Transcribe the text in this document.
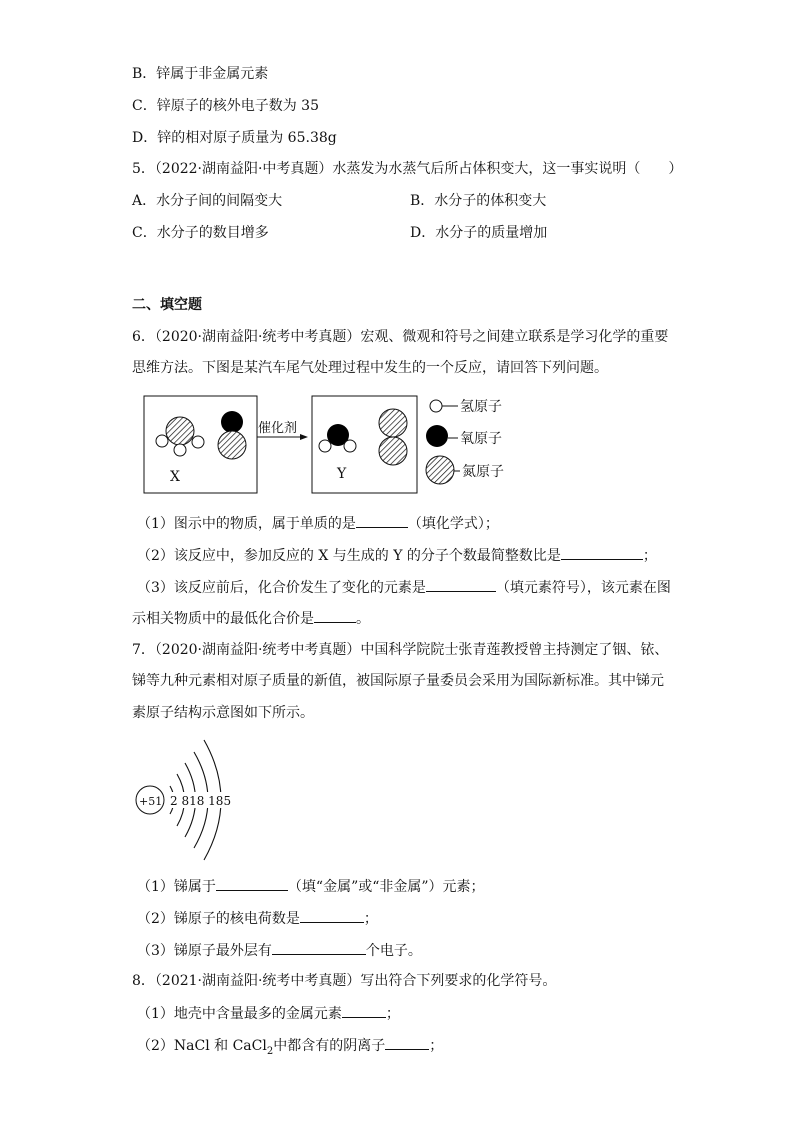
B．锌属于非金属元素
C．锌原子的核外电子数为 35
D．锌的相对原子质量为 65.38g
5．（2022·湖南益阳·中考真题）水蒸发为水蒸气后所占体积变大，这一事实说明（　　）
A．水分子间的间隔变大	B．水分子的体积变大
C．水分子的数目增多	D．水分子的质量增加
二、填空题
6．（2020·湖南益阳·统考中考真题）宏观、微观和符号之间建立联系是学习化学的重要
思维方法。下图是某汽车尾气处理过程中发生的一个反应，请回答下列问题。
X
催化剂
Y
氢原子
氧原子
氮原子
（1）图示中的物质，属于单质的是	（填化学式）；
（2）该反应中，参加反应的 X 与生成的 Y 的分子个数最简整数比是	；
（3）该反应前后，化合价发生了变化的元素是	（填元素符号），该元素在图
示相关物质中的最低化合价是	。
7．（2020·湖南益阳·统考中考真题）中国科学院院士张青莲教授曾主持测定了铟、铱、
锑等九种元素相对原子质量的新值，被国际原子量委员会采用为国际新标准。其中锑元
素原子结构示意图如下所示。
+51 2 818 185
（1）锑属于	（填“金属”或“非金属”）元素；
（2）锑原子的核电荷数是	；
（3）锑原子最外层有	个电子。
8．（2021·湖南益阳·统考中考真题）写出符合下列要求的化学符号。
（1）地壳中含量最多的金属元素	；
（2）NaCl 和 CaCl$_2$中都含有的阴离子	；
